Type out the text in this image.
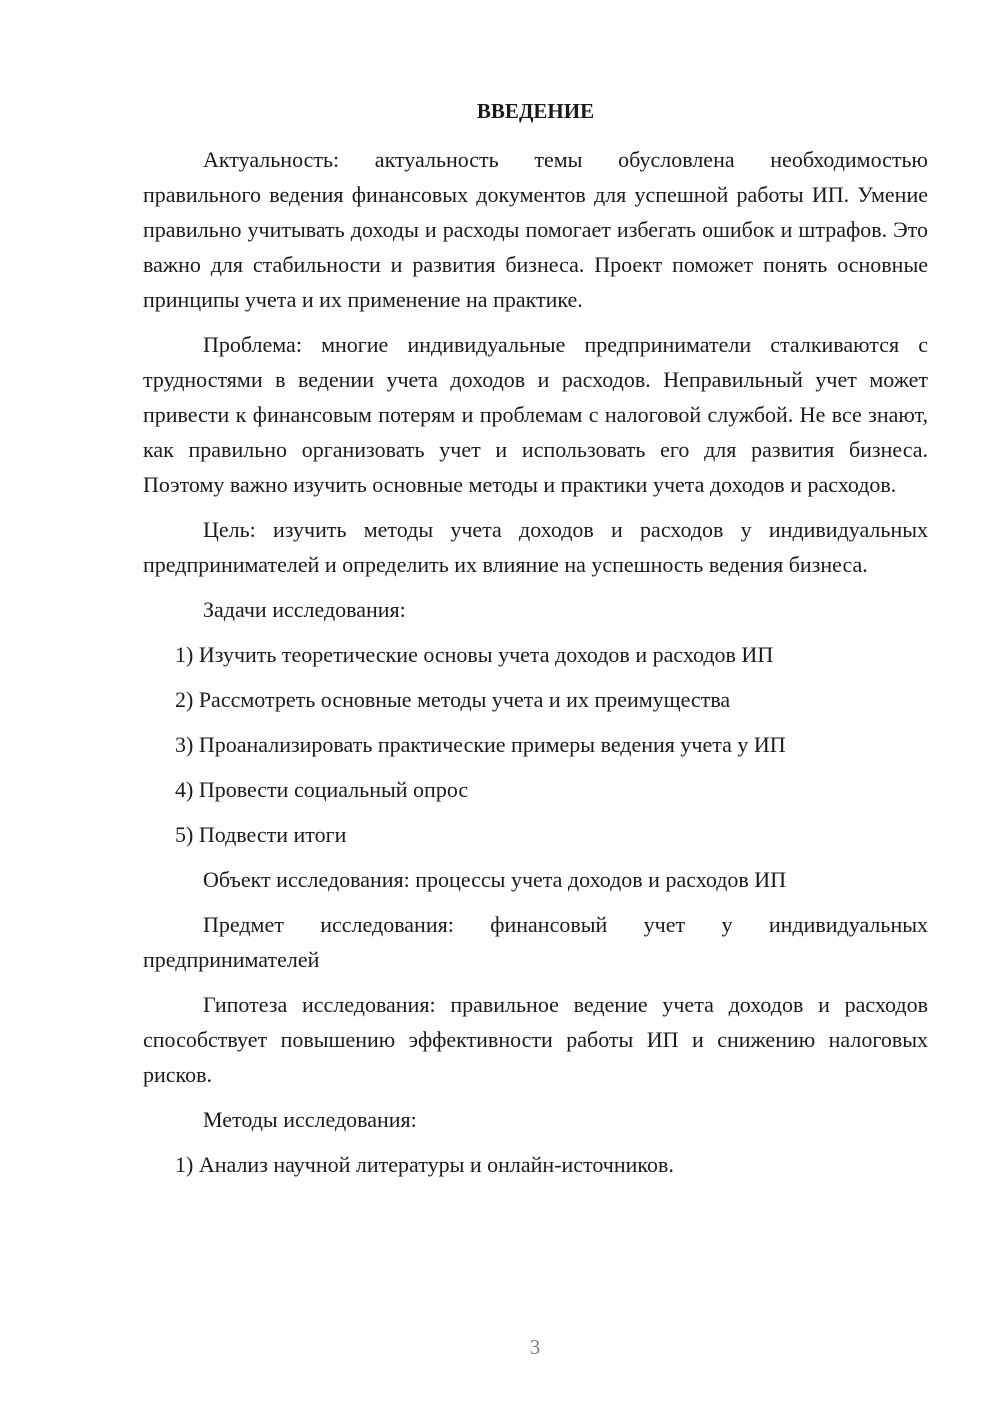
ВВЕДЕНИЕ

Актуальность: актуальность темы обусловлена необходимостью правильного ведения финансовых документов для успешной работы ИП. Умение правильно учитывать доходы и расходы помогает избегать ошибок и штрафов. Это важно для стабильности и развития бизнеса. Проект поможет понять основные принципы учета и их применение на практике.

Проблема: многие индивидуальные предприниматели сталкиваются с трудностями в ведении учета доходов и расходов. Неправильный учет может привести к финансовым потерям и проблемам с налоговой службой. Не все знают, как правильно организовать учет и использовать его для развития бизнеса. Поэтому важно изучить основные методы и практики учета доходов и расходов.

Цель: изучить методы учета доходов и расходов у индивидуальных предпринимателей и определить их влияние на успешность ведения бизнеса.

Задачи исследования:

1) Изучить теоретические основы учета доходов и расходов ИП
2) Рассмотреть основные методы учета и их преимущества
3) Проанализировать практические примеры ведения учета у ИП
4) Провести социальный опрос
5) Подвести итоги

Объект исследования: процессы учета доходов и расходов ИП

Предмет исследования: финансовый учет у индивидуальных предпринимателей

Гипотеза исследования: правильное ведение учета доходов и расходов способствует повышению эффективности работы ИП и снижению налоговых рисков.

Методы исследования:

1) Анализ научной литературы и онлайн-источников.
3
